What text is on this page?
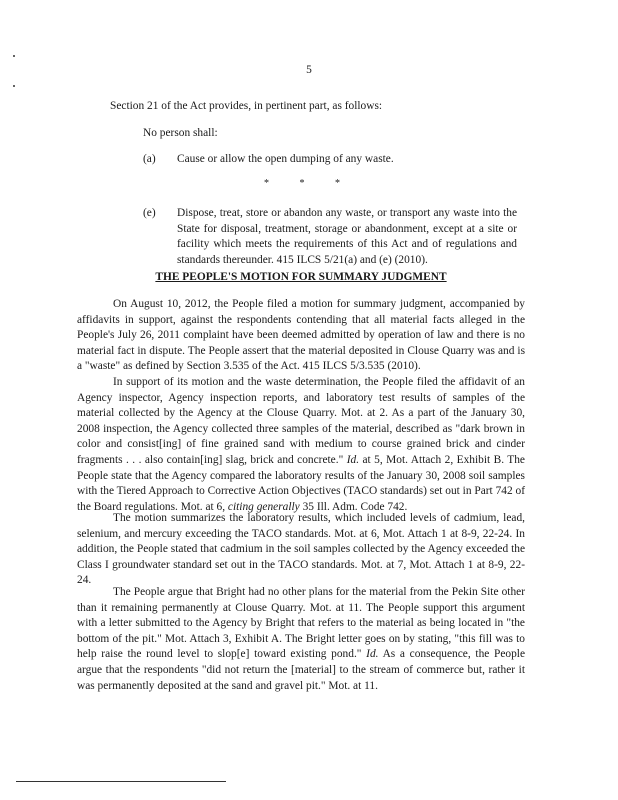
5
Section 21 of the Act provides, in pertinent part, as follows:
No person shall:
(a) Cause or allow the open dumping of any waste.
* * *
(e) Dispose, treat, store or abandon any waste, or transport any waste into the State for disposal, treatment, storage or abandonment, except at a site or facility which meets the requirements of this Act and of regulations and standards thereunder. 415 ILCS 5/21(a) and (e) (2010).
THE PEOPLE'S MOTION FOR SUMMARY JUDGMENT
On August 10, 2012, the People filed a motion for summary judgment, accompanied by affidavits in support, against the respondents contending that all material facts alleged in the People's July 26, 2011 complaint have been deemed admitted by operation of law and there is no material fact in dispute. The People assert that the material deposited in Clouse Quarry was and is a "waste" as defined by Section 3.535 of the Act. 415 ILCS 5/3.535 (2010).
In support of its motion and the waste determination, the People filed the affidavit of an Agency inspector, Agency inspection reports, and laboratory test results of samples of the material collected by the Agency at the Clouse Quarry. Mot. at 2. As a part of the January 30, 2008 inspection, the Agency collected three samples of the material, described as "dark brown in color and consist[ing] of fine grained sand with medium to course grained brick and cinder fragments . . . also contain[ing] slag, brick and concrete." Id. at 5, Mot. Attach 2, Exhibit B. The People state that the Agency compared the laboratory results of the January 30, 2008 soil samples with the Tiered Approach to Corrective Action Objectives (TACO standards) set out in Part 742 of the Board regulations. Mot. at 6, citing generally 35 Ill. Adm. Code 742.
The motion summarizes the laboratory results, which included levels of cadmium, lead, selenium, and mercury exceeding the TACO standards. Mot. at 6, Mot. Attach 1 at 8-9, 22-24. In addition, the People stated that cadmium in the soil samples collected by the Agency exceeded the Class I groundwater standard set out in the TACO standards. Mot. at 7, Mot. Attach 1 at 8-9, 22-24.
The People argue that Bright had no other plans for the material from the Pekin Site other than it remaining permanently at Clouse Quarry. Mot. at 11. The People support this argument with a letter submitted to the Agency by Bright that refers to the material as being located in "the bottom of the pit." Mot. Attach 3, Exhibit A. The Bright letter goes on by stating, "this fill was to help raise the round level to slop[e] toward existing pond." Id. As a consequence, the People argue that the respondents "did not return the [material] to the stream of commerce but, rather it was permanently deposited at the sand and gravel pit." Mot. at 11.
